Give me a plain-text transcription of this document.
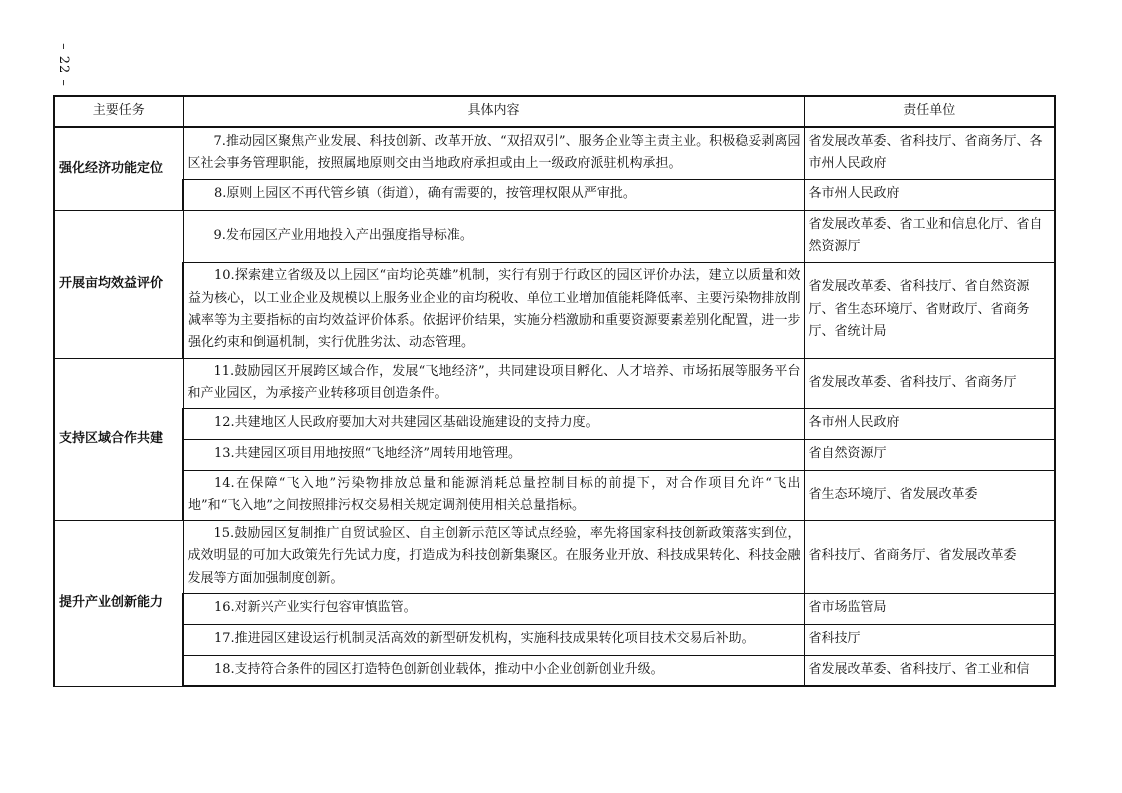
– 22 –
主要任务	具体内容	责任单位
强化经济功能定位	7.推动园区聚焦产业发展、科技创新、改革开放、“双招双引”、服务企业等主责主业。积极稳妥剥离园区社会事务管理职能，按照属地原则交由当地政府承担或由上一级政府派驻机构承担。	省发展改革委、省科技厅、省商务厅、各市州人民政府
	8.原则上园区不再代管乡镇（街道），确有需要的，按管理权限从严审批。	各市州人民政府
开展亩均效益评价	9.发布园区产业用地投入产出强度指导标准。	省发展改革委、省工业和信息化厅、省自然资源厅
	10.探索建立省级及以上园区“亩均论英雄”机制，实行有别于行政区的园区评价办法，建立以质量和效益为核心，以工业企业及规模以上服务业企业的亩均税收、单位工业增加值能耗降低率、主要污染物排放削减率等为主要指标的亩均效益评价体系。依据评价结果，实施分档激励和重要资源要素差别化配置，进一步强化约束和倒逼机制，实行优胜劣汰、动态管理。	省发展改革委、省科技厅、省自然资源厅、省生态环境厅、省财政厅、省商务厅、省统计局
支持区域合作共建	11.鼓励园区开展跨区域合作，发展“飞地经济”，共同建设项目孵化、人才培养、市场拓展等服务平台和产业园区，为承接产业转移项目创造条件。	省发展改革委、省科技厅、省商务厅
	12.共建地区人民政府要加大对共建园区基础设施建设的支持力度。	各市州人民政府
	13.共建园区项目用地按照“飞地经济”周转用地管理。	省自然资源厅
	14.在保障“飞入地”污染物排放总量和能源消耗总量控制目标的前提下，对合作项目允许“飞出地”和“飞入地”之间按照排污权交易相关规定调剂使用相关总量指标。	省生态环境厅、省发展改革委
提升产业创新能力	15.鼓励园区复制推广自贸试验区、自主创新示范区等试点经验，率先将国家科技创新政策落实到位，成效明显的可加大政策先行先试力度，打造成为科技创新集聚区。在服务业开放、科技成果转化、科技金融发展等方面加强制度创新。	省科技厅、省商务厅、省发展改革委
	16.对新兴产业实行包容审慎监管。	省市场监管局
	17.推进园区建设运行机制灵活高效的新型研发机构，实施科技成果转化项目技术交易后补助。	省科技厅
	18.支持符合条件的园区打造特色创新创业载体，推动中小企业创新创业升级。	省发展改革委、省科技厅、省工业和信
